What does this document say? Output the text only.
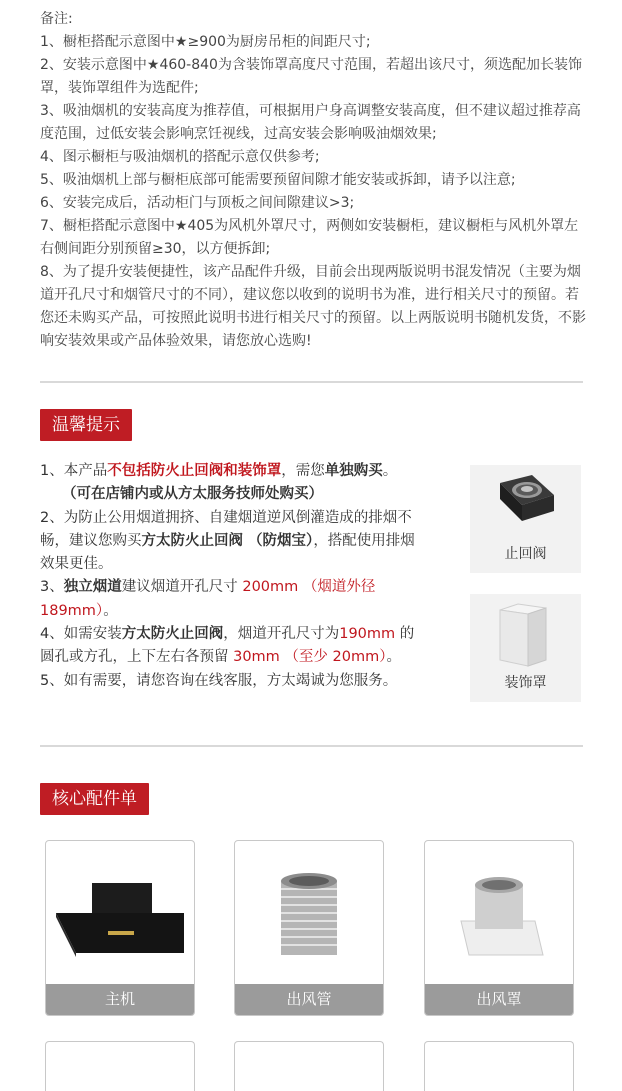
备注:

1、橱柜搭配示意图中★≥900为厨房吊柜的间距尺寸;

2、安装示意图中★460-840为含装饰罩高度尺寸范围，若超出该尺寸，须选配加长装饰罩，装饰罩组件为选配件;

3、吸油烟机的安装高度为推荐值，可根据用户身高调整安装高度，但不建议超过推荐高度范围，过低安装会影响烹饪视线，过高安装会影响吸油烟效果;

4、图示橱柜与吸油烟机的搭配示意仅供参考;

5、吸油烟机上部与橱柜底部可能需要预留间隙才能安装或拆卸，请予以注意;

6、安装完成后，活动柜门与顶板之间间隙建议>3;

7、橱柜搭配示意图中★405为风机外罩尺寸，两侧如安装橱柜，建议橱柜与风机外罩左右侧间距分别预留≥30，以方便拆卸;

8、为了提升安装便捷性，该产品配件升级，目前会出现两版说明书混发情况（主要为烟道开孔尺寸和烟管尺寸的不同），建议您以收到的说明书为准，进行相关尺寸的预留。若您还未购买产品，可按照此说明书进行相关尺寸的预留。以上两版说明书随机发货，不影响安装效果或产品体验效果，请您放心选购!

温馨提示

1、本产品不包括防火止回阀和装饰罩，需您单独购买。

（可在店铺内或从方太服务技师处购买）

2、为防止公用烟道拥挤、自建烟道逆风倒灌造成的排烟不畅，建议您购买方太防火止回阀 （防烟宝），搭配使用排烟效果更佳。

3、独立烟道建议烟道开孔尺寸 200mm （烟道外径189mm）。

4、如需安装方太防火止回阀，烟道开孔尺寸为190mm 的圆孔或方孔，上下左右各预留 30mm （至少 20mm）。

5、如有需要，请您咨询在线客服，方太竭诚为您服务。

止回阀
装饰罩
核心配件单
主机	出风管	出风罩
